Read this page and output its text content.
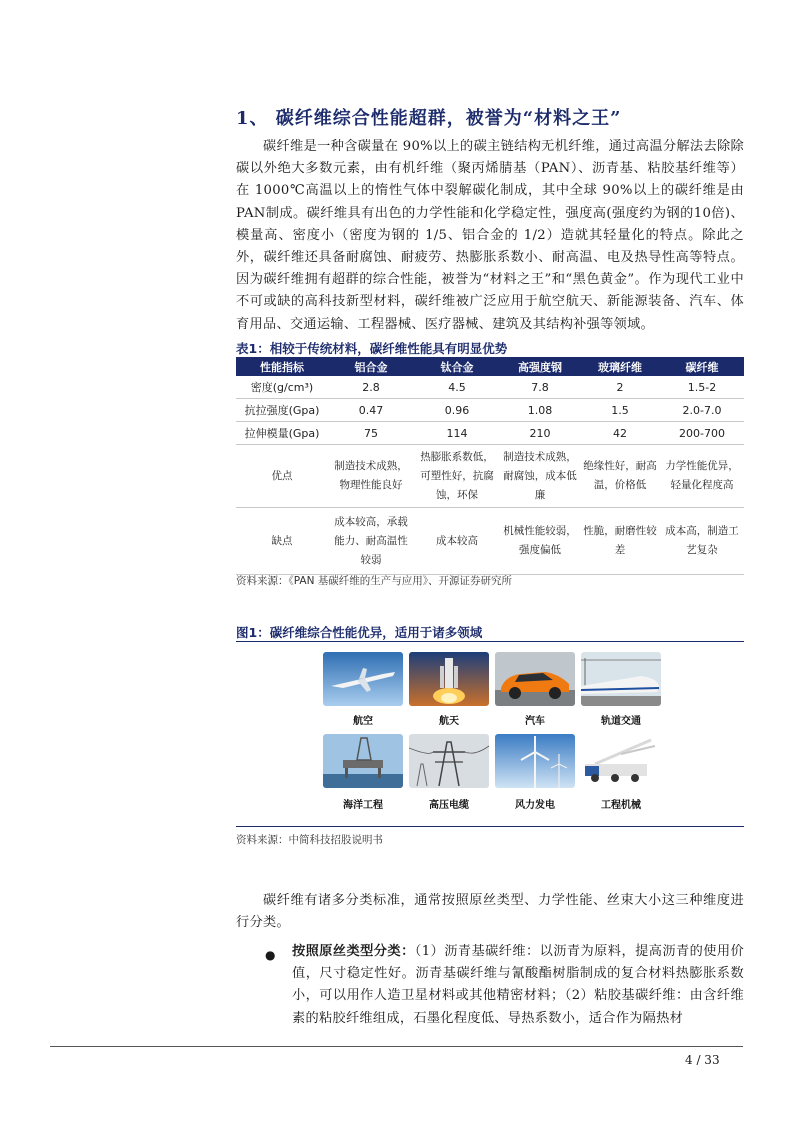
1、 碳纤维综合性能超群，被誉为“材料之王”

碳纤维是一种含碳量在 90%以上的碳主链结构无机纤维，通过高温分解法去除除碳以外绝大多数元素，由有机纤维（聚丙烯腈基（PAN）、沥青基、粘胶基纤维等）在 1000℃高温以上的惰性气体中裂解碳化制成，其中全球 90%以上的碳纤维是由 PAN制成。碳纤维具有出色的力学性能和化学稳定性，强度高(强度约为钢的10倍)、模量高、密度小（密度为钢的 1/5、铝合金的 1/2）造就其轻量化的特点。除此之外，碳纤维还具备耐腐蚀、耐疲劳、热膨胀系数小、耐高温、电及热导性高等特点。因为碳纤维拥有超群的综合性能，被誉为“材料之王”和“黑色黄金”。作为现代工业中不可或缺的高科技新型材料，碳纤维被广泛应用于航空航天、新能源装备、汽车、体育用品、交通运输、工程器械、医疗器械、建筑及其结构补强等领域。

表1：相较于传统材料，碳纤维性能具有明显优势
性能指标	铝合金	钛合金	高强度钢	玻璃纤维	碳纤维
密度(g/cm³)	2.8	4.5	7.8	2	1.5-2
抗拉强度(Gpa)	0.47	0.96	1.08	1.5	2.0-7.0
拉伸模量(Gpa)	75	114	210	42	200-700
优点	制造技术成熟，物理性能良好	热膨胀系数低，可塑性好，抗腐蚀，环保	制造技术成熟，耐腐蚀，成本低廉	绝缘性好，耐高温，价格低	力学性能优异，轻量化程度高
缺点	成本较高，承载能力、耐高温性较弱	成本较高	机械性能较弱，强度偏低	性脆，耐磨性较差	成本高，制造工艺复杂
资料来源：《PAN 基碳纤维的生产与应用》、开源证券研究所
图1：碳纤维综合性能优异，适用于诸多领域
航空	航天	汽车	轨道交通
海洋工程	高压电缆	风力发电	工程机械
资料来源：中简科技招股说明书

碳纤维有诸多分类标准，通常按照原丝类型、力学性能、丝束大小这三种维度进行分类。

● 按照原丝类型分类：（1）沥青基碳纤维：以沥青为原料，提高沥青的使用价值，尺寸稳定性好。沥青基碳纤维与氰酸酯树脂制成的复合材料热膨胀系数小，可以用作人造卫星材料或其他精密材料；（2）粘胶基碳纤维：由含纤维素的粘胶纤维组成，石墨化程度低、导热系数小，适合作为隔热材
4 / 33
